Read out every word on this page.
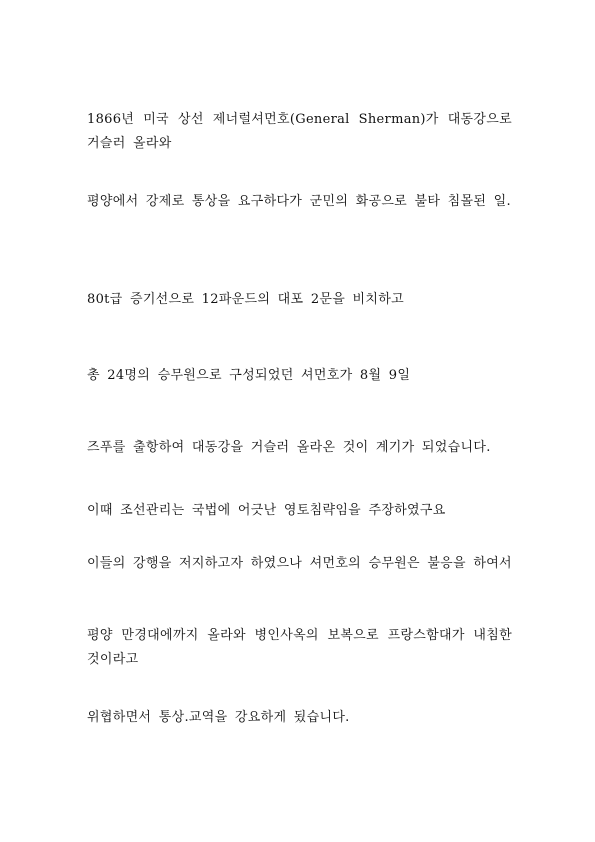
1866년 미국 상선 제너럴셔먼호(General Sherman)가 대동강으로 거슬러 올라와

평양에서 강제로 통상을 요구하다가 군민의 화공으로 불타 침몰된 일.

80t급 증기선으로 12파운드의 대포 2문을 비치하고

총 24명의 승무원으로 구성되었던 셔먼호가 8월 9일

즈푸를 출항하여 대동강을 거슬러 올라온 것이 계기가 되었습니다.

이때 조선관리는 국법에 어긋난 영토침략임을 주장하였구요

이들의 강행을 저지하고자 하였으나 셔먼호의 승무원은 불응을 하여서

평양 만경대에까지 올라와 병인사옥의 보복으로 프랑스함대가 내침한 것이라고

위협하면서 통상.교역을 강요하게 됬습니다.
